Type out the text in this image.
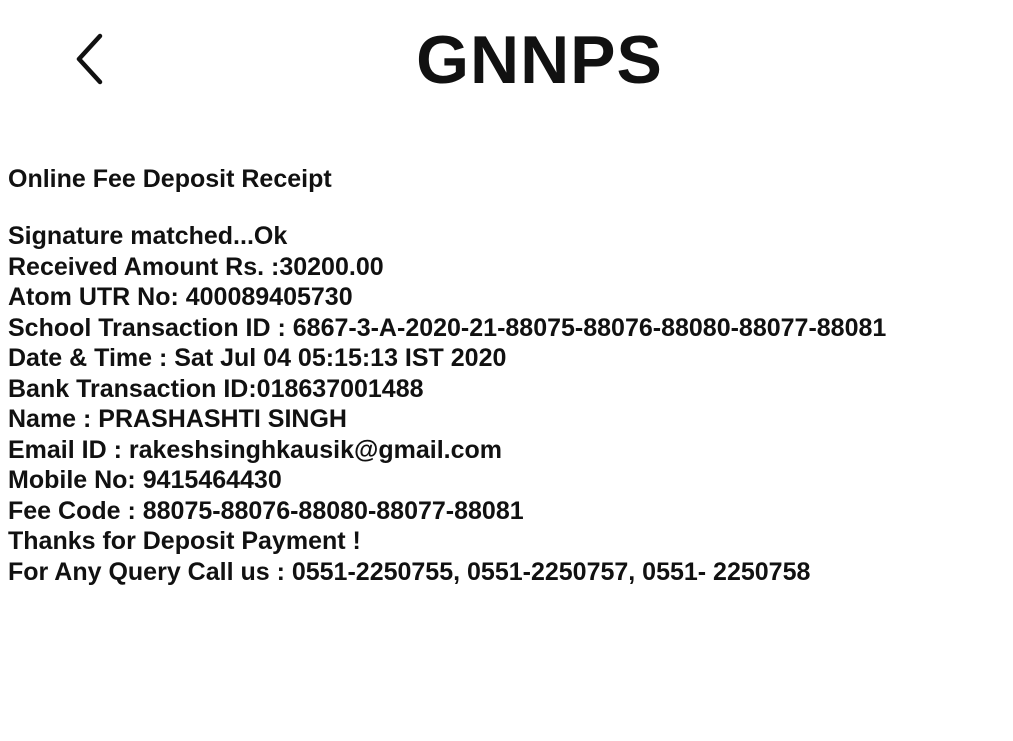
GNNPS
Online Fee Deposit Receipt
Signature matched...Ok
Received Amount Rs. :30200.00
Atom UTR No: 400089405730
School Transaction ID : 6867-3-A-2020-21-88075-88076-88080-88077-88081
Date & Time : Sat Jul 04 05:15:13 IST 2020
Bank Transaction ID:018637001488
Name : PRASHASHTI SINGH
Email ID : rakeshsinghkausik@gmail.com
Mobile No: 9415464430
Fee Code : 88075-88076-88080-88077-88081
Thanks for Deposit Payment !
For Any Query Call us : 0551-2250755, 0551-2250757, 0551- 2250758
